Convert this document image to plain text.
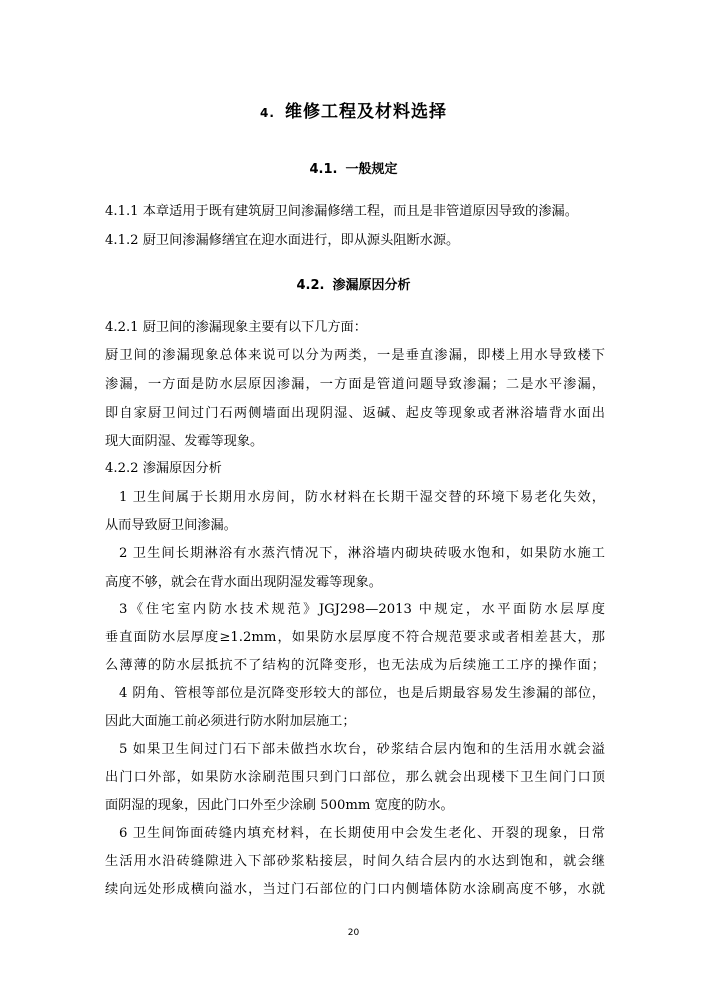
4. 维修工程及材料选择
4.1. 一般规定
4.1.1 本章适用于既有建筑厨卫间渗漏修缮工程，而且是非管道原因导致的渗漏。
4.1.2 厨卫间渗漏修缮宜在迎水面进行，即从源头阻断水源。
4.2. 渗漏原因分析
4.2.1 厨卫间的渗漏现象主要有以下几方面：
厨卫间的渗漏现象总体来说可以分为两类，一是垂直渗漏，即楼上用水导致楼下
渗漏，一方面是防水层原因渗漏，一方面是管道问题导致渗漏；二是水平渗漏，
即自家厨卫间过门石两侧墙面出现阴湿、返碱、起皮等现象或者淋浴墙背水面出
现大面阴湿、发霉等现象。
4.2.2 渗漏原因分析
1 卫生间属于长期用水房间，防水材料在长期干湿交替的环境下易老化失效，
从而导致厨卫间渗漏。
2 卫生间长期淋浴有水蒸汽情况下，淋浴墙内砌块砖吸水饱和，如果防水施工
高度不够，就会在背水面出现阴湿发霉等现象。
3《住宅室内防水技术规范》JGJ298—2013 中规定，水平面防水层厚度
垂直面防水层厚度≥1.2mm，如果防水层厚度不符合规范要求或者相差甚大，那
么薄薄的防水层抵抗不了结构的沉降变形，也无法成为后续施工工序的操作面；
4 阴角、管根等部位是沉降变形较大的部位，也是后期最容易发生渗漏的部位，
因此大面施工前必须进行防水附加层施工；
5 如果卫生间过门石下部未做挡水坎台，砂浆结合层内饱和的生活用水就会溢
出门口外部，如果防水涂刷范围只到门口部位，那么就会出现楼下卫生间门口顶
面阴湿的现象，因此门口外至少涂刷 500mm 宽度的防水。
6 卫生间饰面砖缝内填充材料，在长期使用中会发生老化、开裂的现象，日常
生活用水沿砖缝隙进入下部砂浆粘接层，时间久结合层内的水达到饱和，就会继
续向远处形成横向溢水，当过门石部位的门口内侧墙体防水涂刷高度不够，水就
20
